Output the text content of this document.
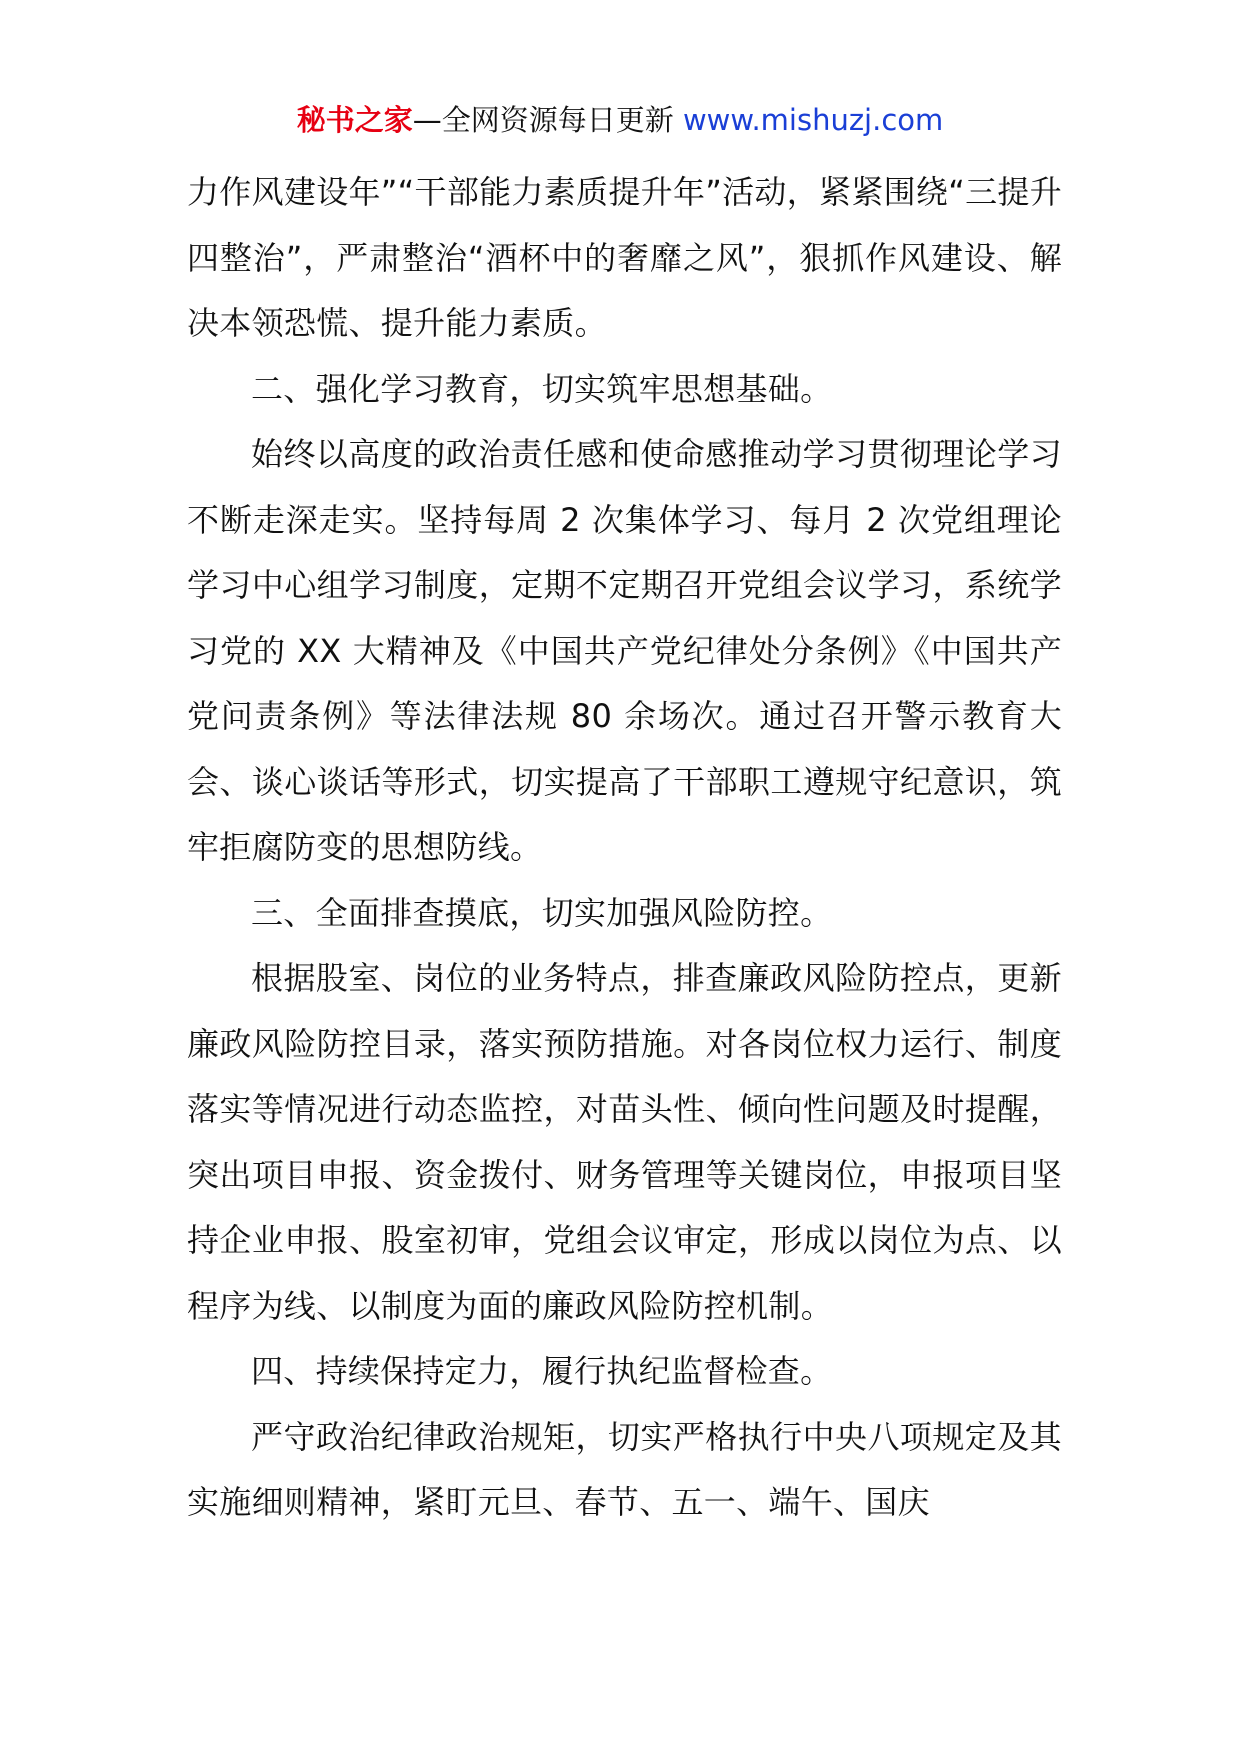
秘书之家—全网资源每日更新 www.mishuzj.com

力作风建设年”“干部能力素质提升年”活动，紧紧围绕“三提升四整治”，严肃整治“酒杯中的奢靡之风”，狠抓作风建设、解决本领恐慌、提升能力素质。

二、强化学习教育，切实筑牢思想基础。

始终以高度的政治责任感和使命感推动学习贯彻理论学习不断走深走实。坚持每周 2 次集体学习、每月 2 次党组理论学习中心组学习制度，定期不定期召开党组会议学习，系统学习党的 XX 大精神及《中国共产党纪律处分条例》《中国共产党问责条例》等法律法规 80 余场次。通过召开警示教育大会、谈心谈话等形式，切实提高了干部职工遵规守纪意识，筑牢拒腐防变的思想防线。

三、全面排查摸底，切实加强风险防控。

根据股室、岗位的业务特点，排查廉政风险防控点，更新廉政风险防控目录，落实预防措施。对各岗位权力运行、制度落实等情况进行动态监控，对苗头性、倾向性问题及时提醒，突出项目申报、资金拨付、财务管理等关键岗位，申报项目坚持企业申报、股室初审，党组会议审定，形成以岗位为点、以程序为线、以制度为面的廉政风险防控机制。

四、持续保持定力，履行执纪监督检查。

严守政治纪律政治规矩，切实严格执行中央八项规定及其实施细则精神，紧盯元旦、春节、五一、端午、国庆
